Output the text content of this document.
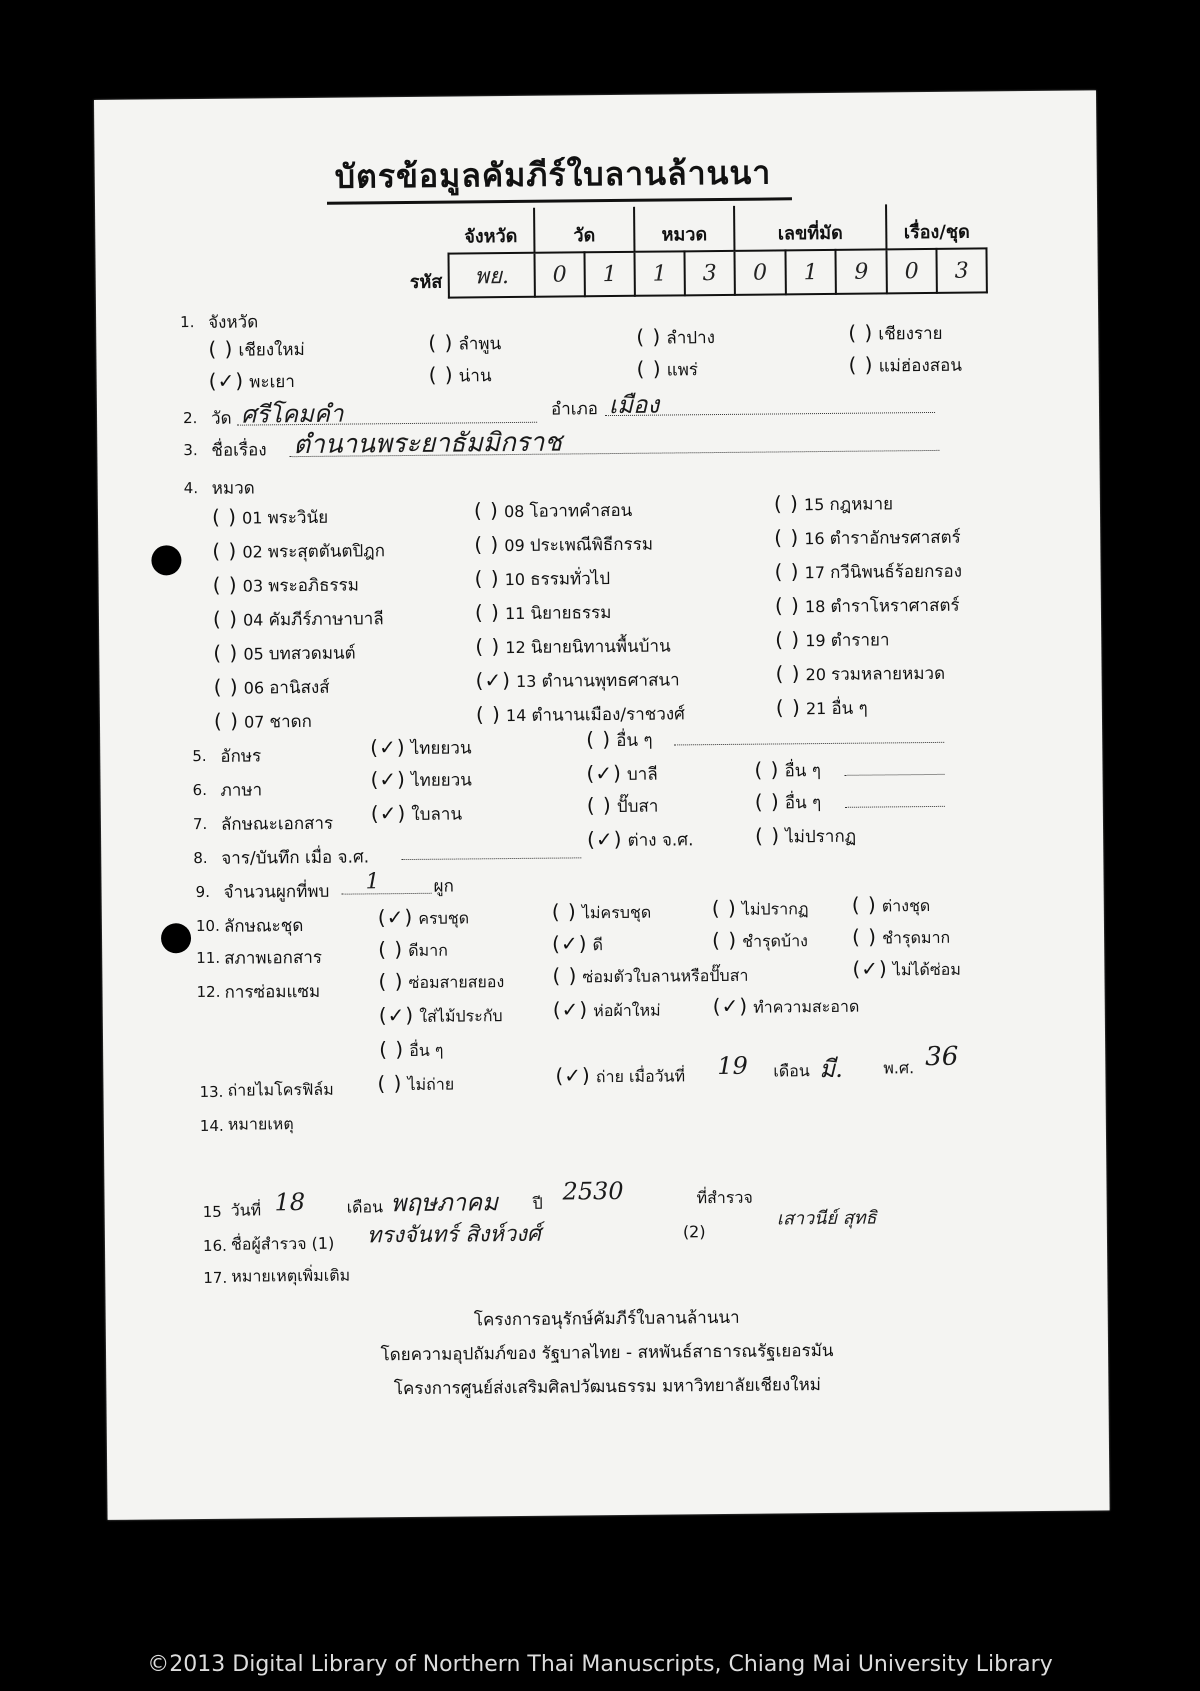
บัตรข้อมูลคัมภีร์ใบลานล้านนา
จังหวัด	วัด		หมวด		เลขที่มัด			เรื่อง/ชุด	
พย.	0	1	1	3	0	1	9	0	3
รหัส
1. จังหวัด
( ) เชียงใหม่	( ) ลำพูน	( ) ลำปาง	( ) เชียงราย
(✓) พะเยา	( ) น่าน	( ) แพร่	( ) แม่ฮ่องสอน
2. วัด ศรีโคมคำ	อำเภอ เมือง
3. ชื่อเรื่อง ตำนานพระยาธัมมิกราช
4. หมวด
( ) 01 พระวินัย
( ) 02 พระสุตตันตปิฎก
( ) 03 พระอภิธรรม
( ) 04 คัมภีร์ภาษาบาลี
( ) 05 บทสวดมนต์
( ) 06 อานิสงส์
( ) 07 ชาดก
( ) 08 โอวาทคำสอน
( ) 09 ประเพณีพิธีกรรม
( ) 10 ธรรมทั่วไป
( ) 11 นิยายธรรม
( ) 12 นิยายนิทานพื้นบ้าน
(✓) 13 ตำนานพุทธศาสนา
( ) 14 ตำนานเมือง/ราชวงศ์
( ) 15 กฎหมาย
( ) 16 ตำราอักษรศาสตร์
( ) 17 กวีนิพนธ์ร้อยกรอง
( ) 18 ตำราโหราศาสตร์
( ) 19 ตำรายา
( ) 20 รวมหลายหมวด
( ) 21 อื่น ๆ
5. อักษร	(✓) ไทยยวน	( ) อื่น ๆ
6. ภาษา	(✓) ไทยยวน	(✓) บาลี	( ) อื่น ๆ
7. ลักษณะเอกสาร (✓) ใบลาน	( ) ปั๊บสา	( ) อื่น ๆ
8. จาร/บันทึก เมื่อ จ.ศ.
(✓) ต่าง จ.ศ.	( ) ไม่ปรากฏ
9. จำนวนผูกที่พบ 1	ผูก
10. ลักษณะชุด	(✓) ครบชุด	( ) ไม่ครบชุด	( ) ไม่ปรากฏ ( ) ต่างชุด
11. สภาพเอกสาร	( ) ดีมาก	(✓) ดี	( ) ชำรุดบ้าง ( ) ชำรุดมาก
12. การซ่อมแซม	( ) ซ่อมสายสยอง ( ) ซ่อมตัวใบลานหรือปั๊บสา	(✓) ไม่ได้ซ่อม
(✓) ใส่ไม้ประกับ (✓) ห่อผ้าใหม่	(✓) ทำความสะอาด
( ) อื่น ๆ
13. ถ่ายไมโครฟิล์ม ( ) ไม่ถ่าย	(✓) ถ่าย เมื่อวันที่ 19 เดือน มี.	พ.ศ. 36
14. หมายเหตุ
15 วันที่ 18	เดือน พฤษภาคม ปี 2530	ที่สำรวจ
16. ชื่อผู้สำรวจ (1) ทรงจันทร์ สิงห์วงศ์	(2)
เสาวนีย์ สุทธิ
17. หมายเหตุเพิ่มเติม
โครงการอนุรักษ์คัมภีร์ใบลานล้านนา
โดยความอุปถัมภ์ของ รัฐบาลไทย - สหพันธ์สาธารณรัฐเยอรมัน
โครงการศูนย์ส่งเสริมศิลปวัฒนธรรม มหาวิทยาลัยเชียงใหม่
©2013 Digital Library of Northern Thai Manuscripts, Chiang Mai University Library
